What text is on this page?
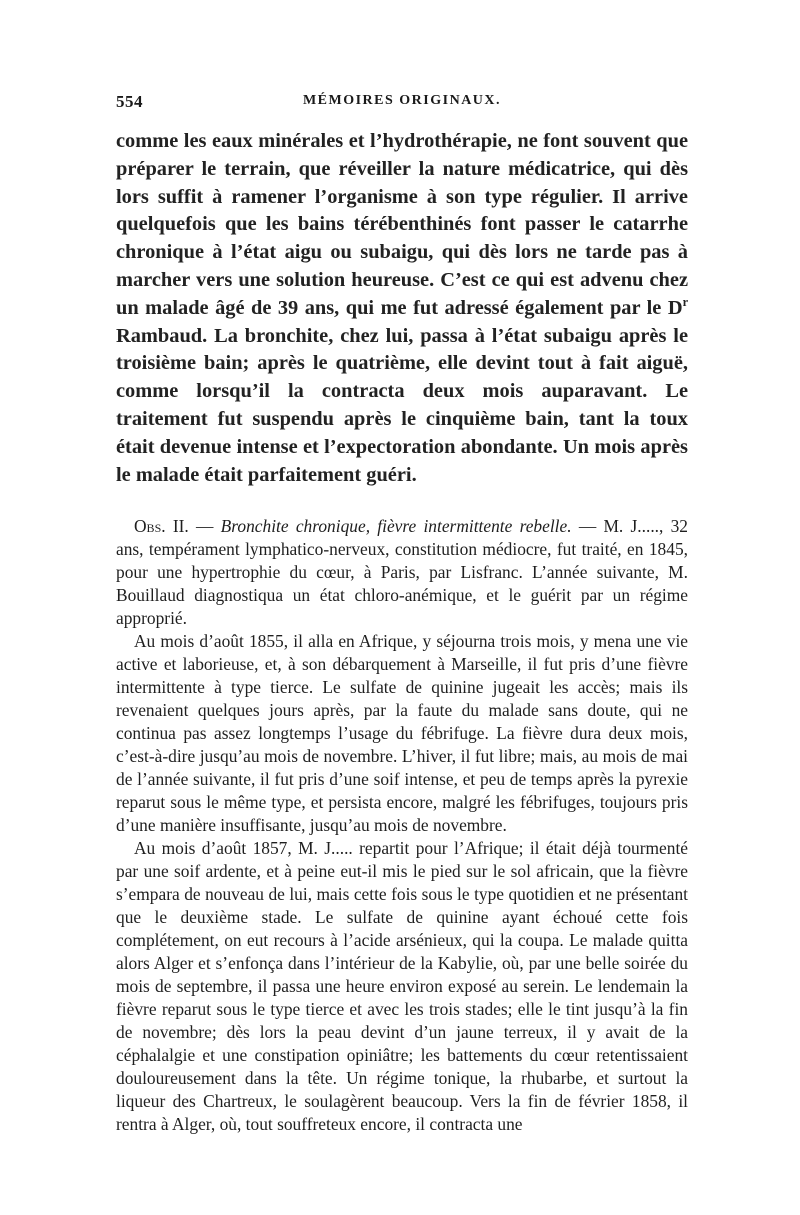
554	MÉMOIRES ORIGINAUX.

comme les eaux minérales et l’hydrothérapie, ne font souvent que préparer le terrain, que réveiller la nature médicatrice, qui dès lors suffit à ramener l’organisme à son type régulier. Il arrive quelquefois que les bains térébenthinés font passer le catarrhe chronique à l’état aigu ou subaigu, qui dès lors ne tarde pas à marcher vers une solution heureuse. C’est ce qui est advenu chez un malade âgé de 39 ans, qui me fut adressé également par le $D^r$ Rambaud. La bronchite, chez lui, passa à l’état subaigu après le troisième bain; après le quatrième, elle devint tout à fait aiguë, comme lorsqu’il la contracta deux mois auparavant. Le traitement fut suspendu après le cinquième bain, tant la toux était devenue intense et l’expectoration abondante. Un mois après le malade était parfaitement guéri.

Obs. II. — Bronchite chronique, fièvre intermittente rebelle. — M. J....., 32 ans, tempérament lymphatico-nerveux, constitution médiocre, fut traité, en 1845, pour une hypertrophie du cœur, à Paris, par Lisfranc. L’année suivante, M. Bouillaud diagnostiqua un état chloro-anémique, et le guérit par un régime approprié.

Au mois d’août 1855, il alla en Afrique, y séjourna trois mois, y mena une vie active et laborieuse, et, à son débarquement à Marseille, il fut pris d’une fièvre intermittente à type tierce. Le sulfate de quinine jugeait les accès; mais ils revenaient quelques jours après, par la faute du malade sans doute, qui ne continua pas assez longtemps l’usage du fébrifuge. La fièvre dura deux mois, c’est-à-dire jusqu’au mois de novembre. L’hiver, il fut libre; mais, au mois de mai de l’année suivante, il fut pris d’une soif intense, et peu de temps après la pyrexie reparut sous le même type, et persista encore, malgré les fébrifuges, toujours pris d’une manière insuffisante, jusqu’au mois de novembre.

Au mois d’août 1857, M. J..... repartit pour l’Afrique; il était déjà tourmenté par une soif ardente, et à peine eut-il mis le pied sur le sol africain, que la fièvre s’empara de nouveau de lui, mais cette fois sous le type quotidien et ne présentant que le deuxième stade. Le sulfate de quinine ayant échoué cette fois complétement, on eut recours à l’acide arsénieux, qui la coupa. Le malade quitta alors Alger et s’enfonça dans l’intérieur de la Kabylie, où, par une belle soirée du mois de septembre, il passa une heure environ exposé au serein. Le lendemain la fièvre reparut sous le type tierce et avec les trois stades; elle le tint jusqu’à la fin de novembre; dès lors la peau devint d’un jaune terreux, il y avait de la céphalalgie et une constipation opiniâtre; les battements du cœur retentissaient douloureusement dans la tête. Un régime tonique, la rhubarbe, et surtout la liqueur des Chartreux, le soulagèrent beaucoup. Vers la fin de février 1858, il rentra à Alger, où, tout souffreteux encore, il contracta une
